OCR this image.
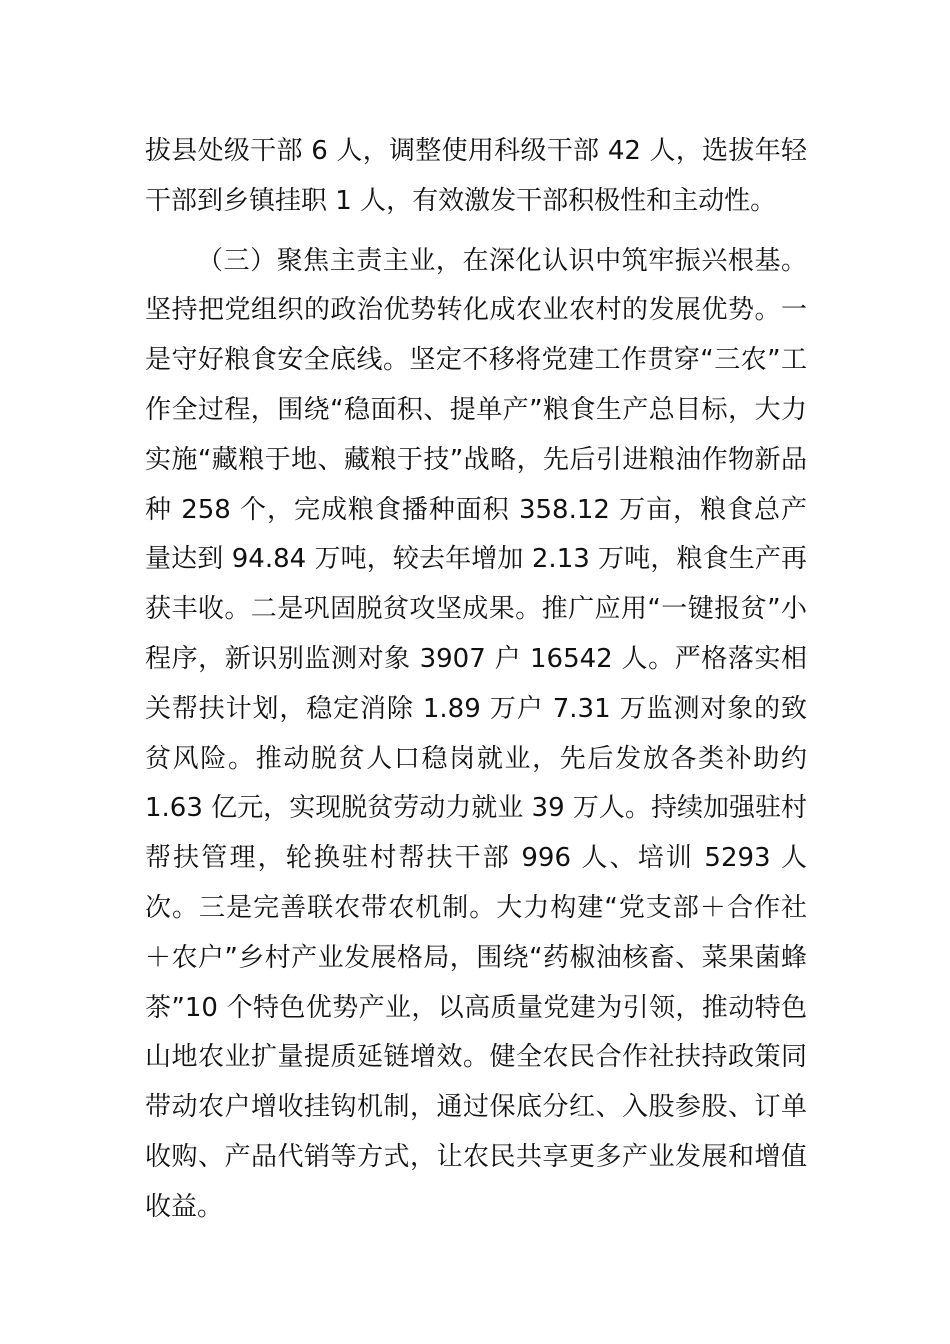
拔县处级干部 6 人，调整使用科级干部 42 人，选拔年轻干部到乡镇挂职 1 人，有效激发干部积极性和主动性。

（三）聚焦主责主业，在深化认识中筑牢振兴根基。坚持把党组织的政治优势转化成农业农村的发展优势。一是守好粮食安全底线。坚定不移将党建工作贯穿“三农”工作全过程，围绕“稳面积、提单产”粮食生产总目标，大力实施“藏粮于地、藏粮于技”战略，先后引进粮油作物新品种 258 个，完成粮食播种面积 358.12 万亩，粮食总产量达到 94.84 万吨，较去年增加 2.13 万吨，粮食生产再获丰收。二是巩固脱贫攻坚成果。推广应用“一键报贫”小程序，新识别监测对象 3907 户 16542 人。严格落实相关帮扶计划，稳定消除 1.89 万户 7.31 万监测对象的致贫风险。推动脱贫人口稳岗就业，先后发放各类补助约 1.63 亿元，实现脱贫劳动力就业 39 万人。持续加强驻村帮扶管理，轮换驻村帮扶干部 996 人、培训 5293 人次。三是完善联农带农机制。大力构建“党支部＋合作社＋农户”乡村产业发展格局，围绕“药椒油核畜、菜果菌蜂茶”10 个特色优势产业，以高质量党建为引领，推动特色山地农业扩量提质延链增效。健全农民合作社扶持政策同带动农户增收挂钩机制，通过保底分红、入股参股、订单收购、产品代销等方式，让农民共享更多产业发展和增值收益。
